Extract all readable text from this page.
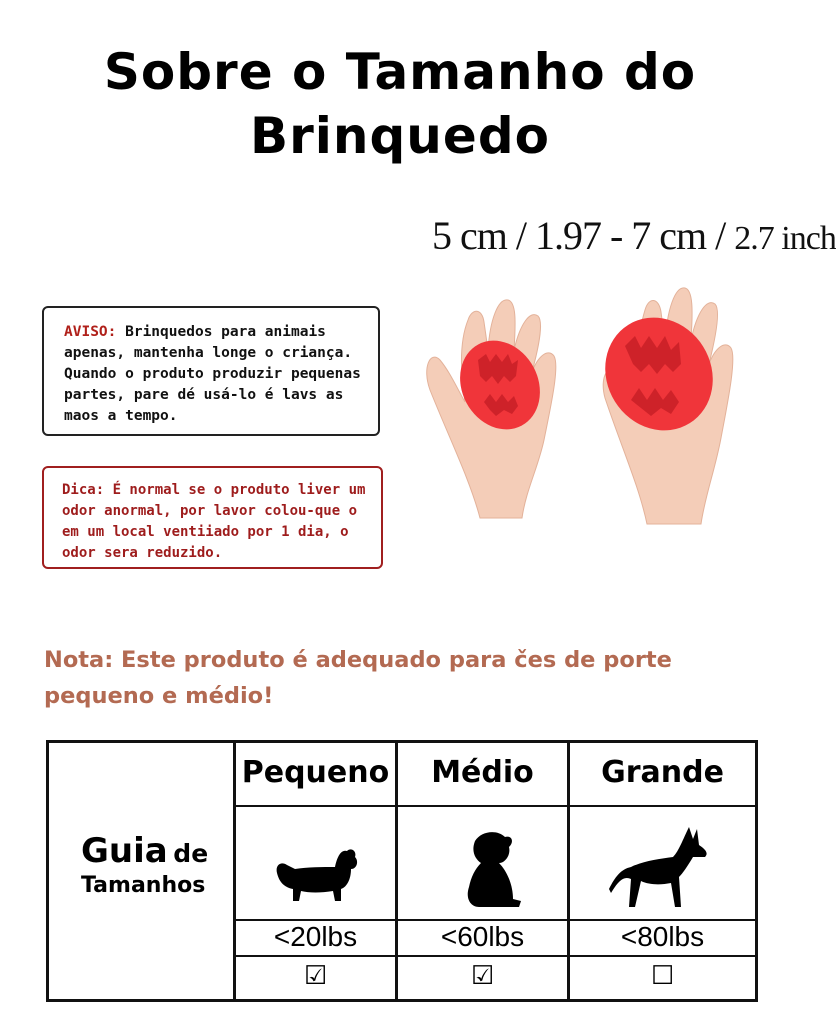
Sobre o Tamanho do Brinquedo
5 cm / 1.97 - 7 cm / 2.7 inch
AVISO: Brinquedos para animais apenas, mantenha longe o criança. Quando o produto produzir pequenas partes, pare dé usá-lo é lavs as maos a tempo.
Dica: É normal se o produto liver um odor anormal, por lavor colou-que o em um local ventiiado por 1 dia, o odor sera reduzido.
Nota: Este produto é adequado para čes de porte pequeno e médio!
Guia de
Tamanhos
Pequeno	Médio	Grande
<20lbs	<60lbs	<80lbs
☑	☑	☐
